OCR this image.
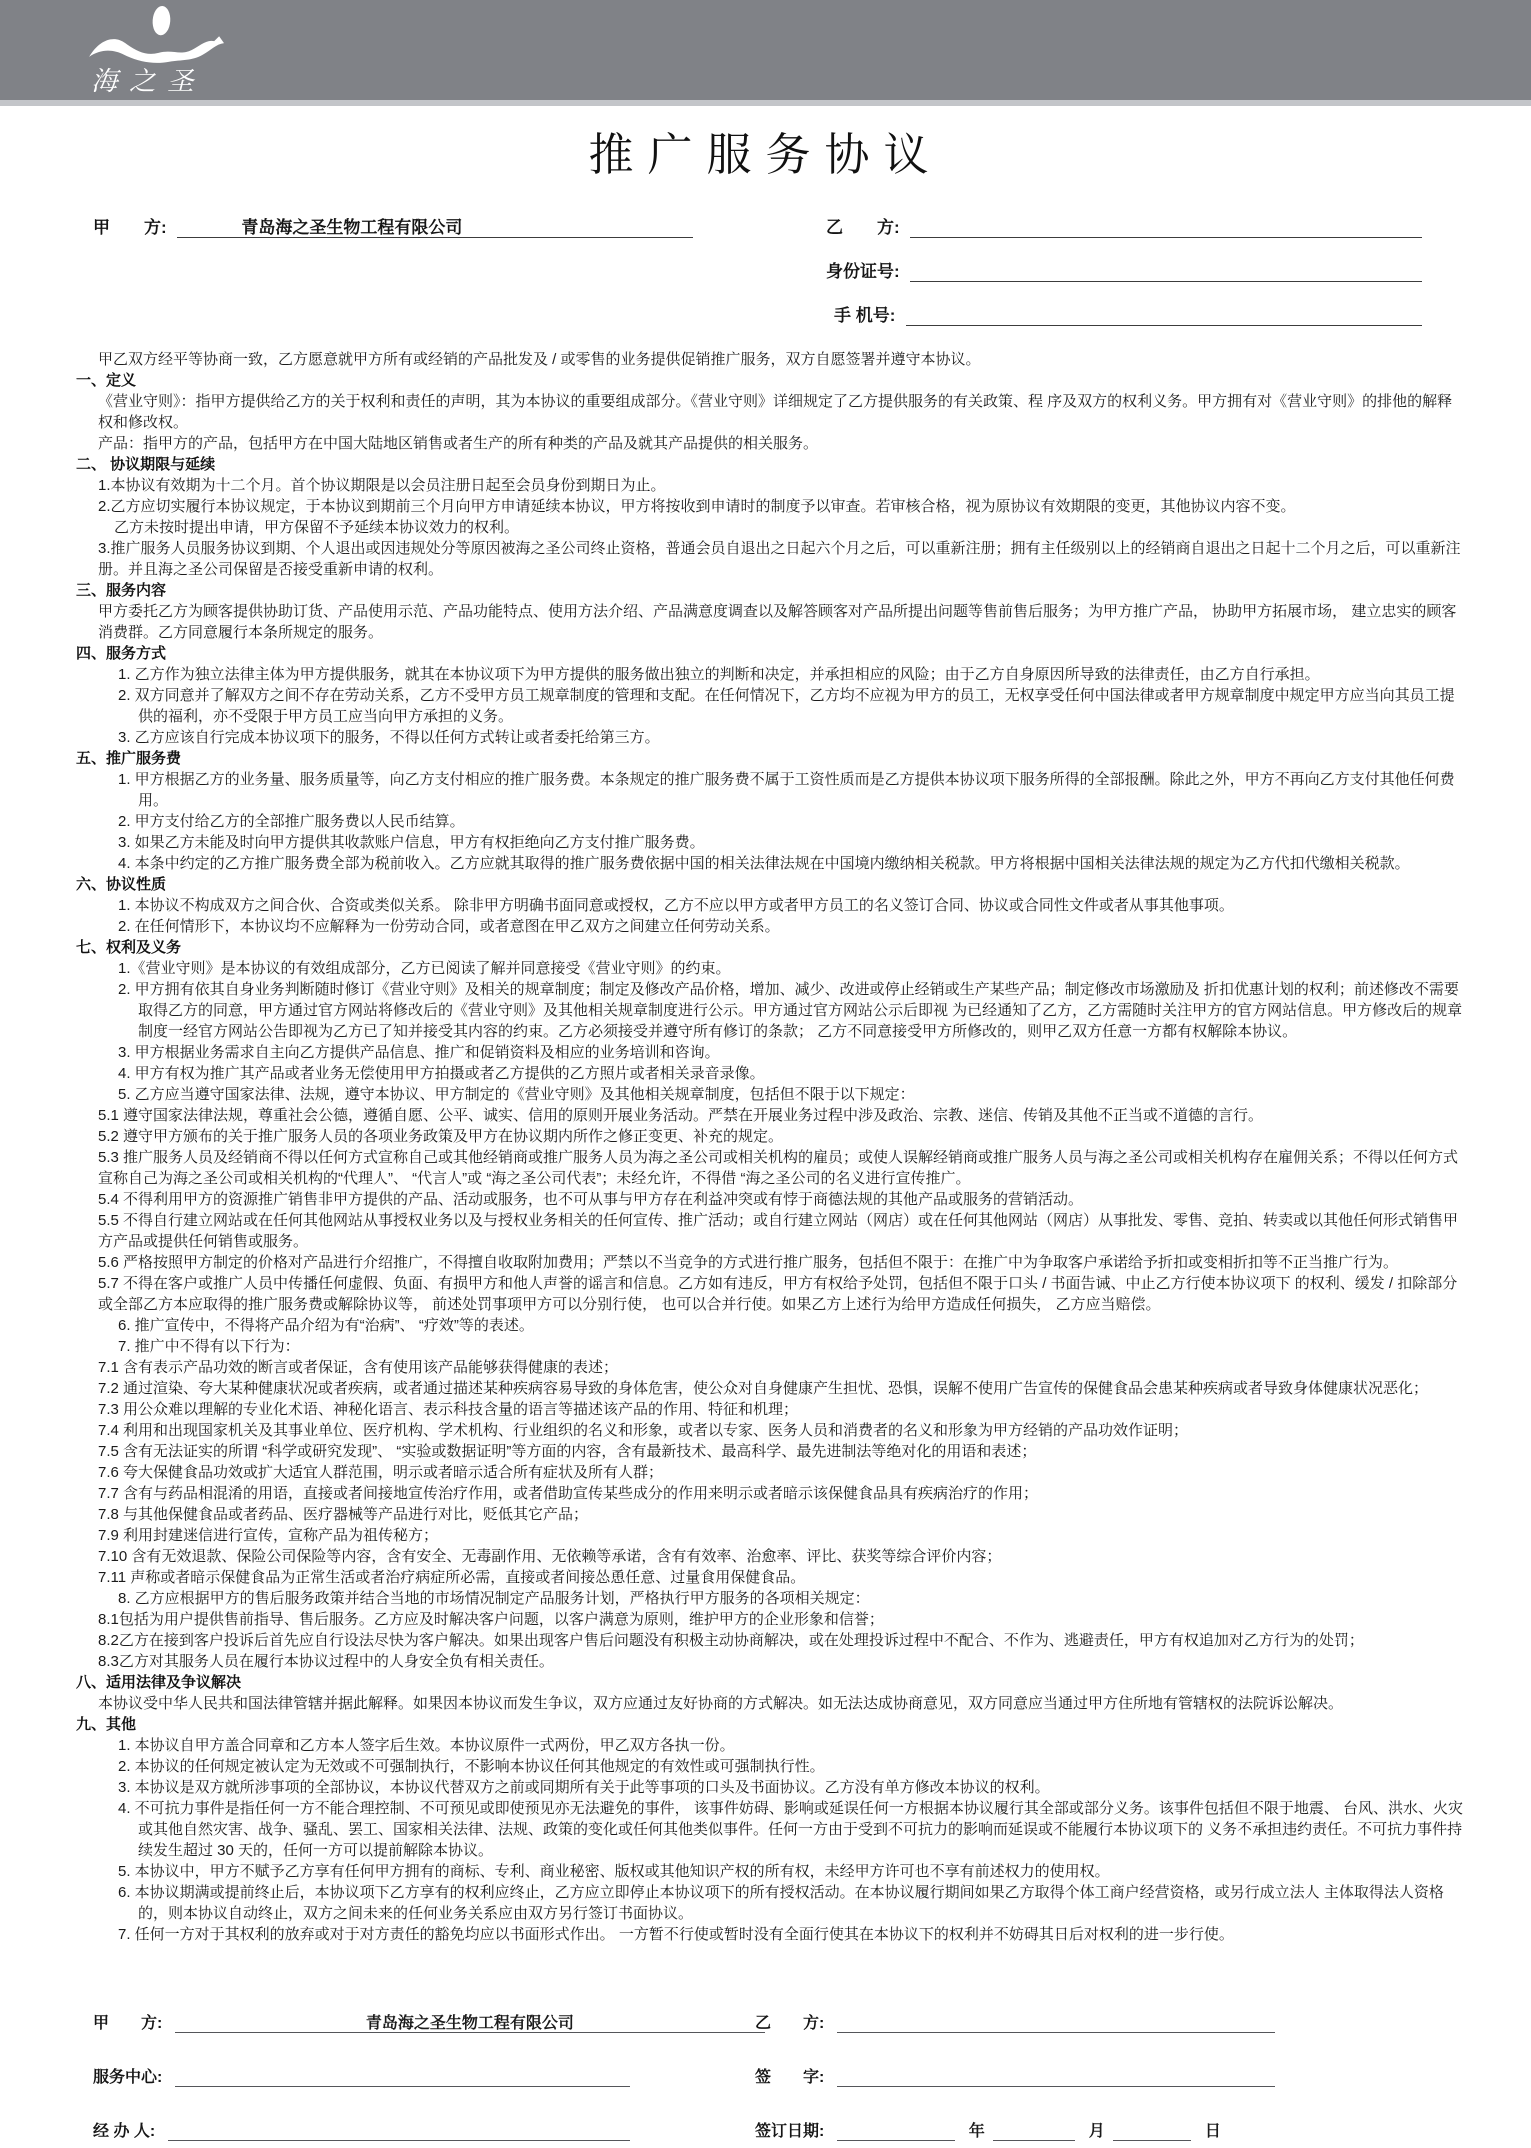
海之圣
推广服务协议
甲　　方:	青岛海之圣生物工程有限公司	乙　　方:
身份证号:
手 机号:

甲乙双方经平等协商一致，乙方愿意就甲方所有或经销的产品批发及 / 或零售的业务提供促销推广服务，双方自愿签署并遵守本协议。

一、定义

《营业守则》：指甲方提供给乙方的关于权利和责任的声明，其为本协议的重要组成部分。《营业守则》详细规定了乙方提供服务的有关政策、程 序及双方的权利义务。甲方拥有对《营业守则》的排他的解释权和修改权。

产品：指甲方的产品，包括甲方在中国大陆地区销售或者生产的所有种类的产品及就其产品提供的相关服务。

二、 协议期限与延续

1.本协议有效期为十二个月。首个协议期限是以会员注册日起至会员身份到期日为止。

2.乙方应切实履行本协议规定，于本协议到期前三个月向甲方申请延续本协议，甲方将按收到申请时的制度予以审查。若审核合格，视为原协议有效期限的变更，其他协议内容不变。

乙方未按时提出申请，甲方保留不予延续本协议效力的权利。

3.推广服务人员服务协议到期、个人退出或因违规处分等原因被海之圣公司终止资格，普通会员自退出之日起六个月之后，可以重新注册；拥有主任级别以上的经销商自退出之日起十二个月之后，可以重新注册。并且海之圣公司保留是否接受重新申请的权利。

三、服务内容

甲方委托乙方为顾客提供协助订货、产品使用示范、产品功能特点、使用方法介绍、产品满意度调查以及解答顾客对产品所提出问题等售前售后服务；为甲方推广产品， 协助甲方拓展市场， 建立忠实的顾客消费群。乙方同意履行本条所规定的服务。

四、服务方式

1. 乙方作为独立法律主体为甲方提供服务，就其在本协议项下为甲方提供的服务做出独立的判断和决定，并承担相应的风险；由于乙方自身原因所导致的法律责任，由乙方自行承担。

2. 双方同意并了解双方之间不存在劳动关系，乙方不受甲方员工规章制度的管理和支配。在任何情况下，乙方均不应视为甲方的员工，无权享受任何中国法律或者甲方规章制度中规定甲方应当向其员工提供的福利，亦不受限于甲方员工应当向甲方承担的义务。

3. 乙方应该自行完成本协议项下的服务，不得以任何方式转让或者委托给第三方。

五、推广服务费

1. 甲方根据乙方的业务量、服务质量等，向乙方支付相应的推广服务费。本条规定的推广服务费不属于工资性质而是乙方提供本协议项下服务所得的全部报酬。除此之外，甲方不再向乙方支付其他任何费用。

2. 甲方支付给乙方的全部推广服务费以人民币结算。

3. 如果乙方未能及时向甲方提供其收款账户信息，甲方有权拒绝向乙方支付推广服务费。

4. 本条中约定的乙方推广服务费全部为税前收入。乙方应就其取得的推广服务费依据中国的相关法律法规在中国境内缴纳相关税款。甲方将根据中国相关法律法规的规定为乙方代扣代缴相关税款。

六、协议性质

1. 本协议不构成双方之间合伙、合资或类似关系。 除非甲方明确书面同意或授权，乙方不应以甲方或者甲方员工的名义签订合同、协议或合同性文件或者从事其他事项。

2. 在任何情形下，本协议均不应解释为一份劳动合同，或者意图在甲乙双方之间建立任何劳动关系。

七、权利及义务

1.《营业守则》是本协议的有效组成部分，乙方已阅读了解并同意接受《营业守则》的约束。

2. 甲方拥有依其自身业务判断随时修订《营业守则》及相关的规章制度；制定及修改产品价格，增加、减少、改进或停止经销或生产某些产品；制定修改市场激励及 折扣优惠计划的权利；前述修改不需要取得乙方的同意，甲方通过官方网站将修改后的《营业守则》及其他相关规章制度进行公示。甲方通过官方网站公示后即视 为已经通知了乙方，乙方需随时关注甲方的官方网站信息。甲方修改后的规章制度一经官方网站公告即视为乙方已了知并接受其内容的约束。乙方必须接受并遵守所有修订的条款； 乙方不同意接受甲方所修改的，则甲乙双方任意一方都有权解除本协议。

3. 甲方根据业务需求自主向乙方提供产品信息、推广和促销资料及相应的业务培训和咨询。

4. 甲方有权为推广其产品或者业务无偿使用甲方拍摄或者乙方提供的乙方照片或者相关录音录像。

5. 乙方应当遵守国家法律、法规，遵守本协议、甲方制定的《营业守则》及其他相关规章制度，包括但不限于以下规定：

5.1 遵守国家法律法规，尊重社会公德，遵循自愿、公平、诚实、信用的原则开展业务活动。严禁在开展业务过程中涉及政治、宗教、迷信、传销及其他不正当或不道德的言行。

5.2 遵守甲方颁布的关于推广服务人员的各项业务政策及甲方在协议期内所作之修正变更、补充的规定。

5.3 推广服务人员及经销商不得以任何方式宣称自己或其他经销商或推广服务人员为海之圣公司或相关机构的雇员；或使人误解经销商或推广服务人员与海之圣公司或相关机构存在雇佣关系；不得以任何方式宣称自己为海之圣公司或相关机构的“代理人”、 “代言人”或 “海之圣公司代表”；未经允许，不得借 “海之圣公司的名义进行宣传推广。

5.4 不得利用甲方的资源推广销售非甲方提供的产品、活动或服务，也不可从事与甲方存在利益冲突或有悖于商德法规的其他产品或服务的营销活动。

5.5 不得自行建立网站或在任何其他网站从事授权业务以及与授权业务相关的任何宣传、推广活动；或自行建立网站（网店）或在任何其他网站（网店）从事批发、零售、竞拍、转卖或以其他任何形式销售甲方产品或提供任何销售或服务。

5.6 严格按照甲方制定的价格对产品进行介绍推广，不得擅自收取附加费用；严禁以不当竞争的方式进行推广服务，包括但不限于：在推广中为争取客户承诺给予折扣或变相折扣等不正当推广行为。

5.7 不得在客户或推广人员中传播任何虚假、负面、有损甲方和他人声誉的谣言和信息。乙方如有违反，甲方有权给予处罚，包括但不限于口头 / 书面告诫、中止乙方行使本协议项下 的权利、缓发 / 扣除部分或全部乙方本应取得的推广服务费或解除协议等， 前述处罚事项甲方可以分别行使， 也可以合并行使。如果乙方上述行为给甲方造成任何损失， 乙方应当赔偿。

6. 推广宣传中，不得将产品介绍为有“治病”、 “疗效”等的表述。

7. 推广中不得有以下行为：

7.1 含有表示产品功效的断言或者保证，含有使用该产品能够获得健康的表述；

7.2 通过渲染、夸大某种健康状况或者疾病，或者通过描述某种疾病容易导致的身体危害，使公众对自身健康产生担忧、恐惧，误解不使用广告宣传的保健食品会患某种疾病或者导致身体健康状况恶化；

7.3 用公众难以理解的专业化术语、神秘化语言、表示科技含量的语言等描述该产品的作用、特征和机理；

7.4 利用和出现国家机关及其事业单位、医疗机构、学术机构、行业组织的名义和形象，或者以专家、医务人员和消费者的名义和形象为甲方经销的产品功效作证明；

7.5 含有无法证实的所谓 “科学或研究发现”、 “实验或数据证明”等方面的内容，含有最新技术、最高科学、最先进制法等绝对化的用语和表述；

7.6 夸大保健食品功效或扩大适宜人群范围，明示或者暗示适合所有症状及所有人群；

7.7 含有与药品相混淆的用语，直接或者间接地宣传治疗作用，或者借助宣传某些成分的作用来明示或者暗示该保健食品具有疾病治疗的作用；

7.8 与其他保健食品或者药品、医疗器械等产品进行对比，贬低其它产品；

7.9 利用封建迷信进行宣传，宣称产品为祖传秘方；

7.10 含有无效退款、保险公司保险等内容，含有安全、无毒副作用、无依赖等承诺，含有有效率、治愈率、评比、获奖等综合评价内容；

7.11 声称或者暗示保健食品为正常生活或者治疗病症所必需，直接或者间接怂恿任意、过量食用保健食品。

8. 乙方应根据甲方的售后服务政策并结合当地的市场情况制定产品服务计划，严格执行甲方服务的各项相关规定：

8.1包括为用户提供售前指导、售后服务。乙方应及时解决客户问题，以客户满意为原则，维护甲方的企业形象和信誉；

8.2乙方在接到客户投诉后首先应自行设法尽快为客户解决。如果出现客户售后问题没有积极主动协商解决，或在处理投诉过程中不配合、不作为、逃避责任，甲方有权追加对乙方行为的处罚；

8.3乙方对其服务人员在履行本协议过程中的人身安全负有相关责任。

八、适用法律及争议解决

本协议受中华人民共和国法律管辖并据此解释。如果因本协议而发生争议，双方应通过友好协商的方式解决。如无法达成协商意见，双方同意应当通过甲方住所地有管辖权的法院诉讼解决。

九、其他

1. 本协议自甲方盖合同章和乙方本人签字后生效。本协议原件一式两份，甲乙双方各执一份。

2. 本协议的任何规定被认定为无效或不可强制执行，不影响本协议任何其他规定的有效性或可强制执行性。

3. 本协议是双方就所涉事项的全部协议，本协议代替双方之前或同期所有关于此等事项的口头及书面协议。乙方没有单方修改本协议的权利。

4. 不可抗力事件是指任何一方不能合理控制、不可预见或即使预见亦无法避免的事件， 该事件妨碍、影响或延误任何一方根据本协议履行其全部或部分义务。该事件包括但不限于地震、 台风、洪水、火灾或其他自然灾害、战争、骚乱、罢工、国家相关法律、法规、政策的变化或任何其他类似事件。任何一方由于受到不可抗力的影响而延误或不能履行本协议项下的 义务不承担违约责任。不可抗力事件持续发生超过 30 天的，任何一方可以提前解除本协议。

5. 本协议中，甲方不赋予乙方享有任何甲方拥有的商标、专利、商业秘密、版权或其他知识产权的所有权，未经甲方许可也不享有前述权力的使用权。

6. 本协议期满或提前终止后，本协议项下乙方享有的权利应终止，乙方应立即停止本协议项下的所有授权活动。在本协议履行期间如果乙方取得个体工商户经营资格，或另行成立法人 主体取得法人资格的，则本协议自动终止，双方之间未来的任何业务关系应由双方另行签订书面协议。

7. 任何一方对于其权利的放弃或对于对方责任的豁免均应以书面形式作出。 一方暂不行使或暂时没有全面行使其在本协议下的权利并不妨碍其日后对权利的进一步行使。

甲　　方:	青岛海之圣生物工程有限公司	乙　　方:
服务中心:	签　　字:
经 办 人:	签订日期:	年	月	日
